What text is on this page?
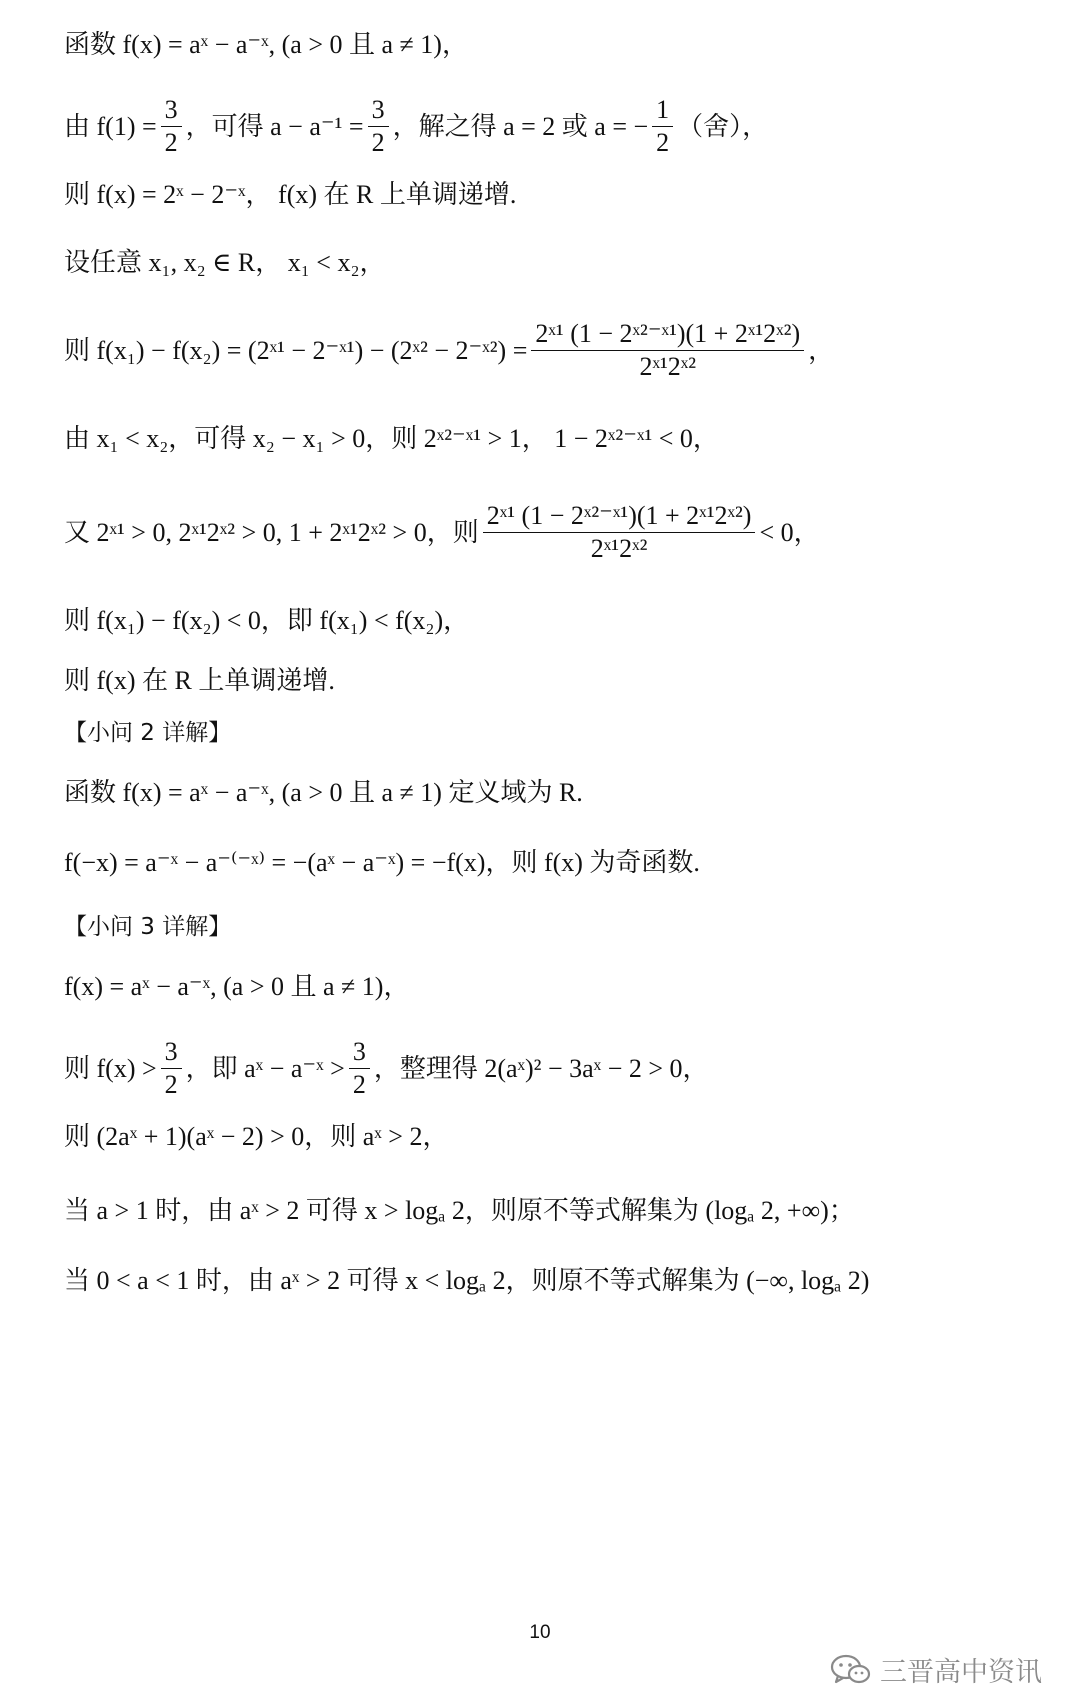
函数 f(x) = aˣ − a⁻ˣ, (a > 0 且 a ≠ 1)，
由 $f(1) = \frac{3}{2}$ ，可得 $a - a^{-1} = \frac{3}{2}$ ，解之得 a = 2 或 a = − $\frac{1}{2}$ （舍），
则 f(x) = 2ˣ − 2⁻ˣ， f(x) 在 R 上单调递增.
设任意 x₁, x₂ ∈ R， x₁ < x₂，
则 f(x₁) − f(x₂) = (2ˣ¹ − 2⁻ˣ¹) − (2ˣ² − 2⁻ˣ²) = $\frac{\text{2ˣ¹ (1 − 2ˣ²⁻ˣ¹)(1 + 2ˣ¹2ˣ²)}}{\text{2ˣ¹2ˣ²}}$ ，
由 x₁ < x₂，可得 x₂ − x₁ > 0，则 2ˣ²⁻ˣ¹ > 1， 1 − 2ˣ²⁻ˣ¹ < 0，
又 2ˣ¹ > 0, 2ˣ¹2ˣ² > 0, 1 + 2ˣ¹2ˣ² > 0，则 $\frac{\text{2ˣ¹ (1 − 2ˣ²⁻ˣ¹)(1 + 2ˣ¹2ˣ²)}}{\text{2ˣ¹2ˣ²}} < 0$，
则 f(x₁) − f(x₂) < 0，即 f(x₁) < f(x₂)，
则 f(x) 在 R 上单调递增.
【小问 2 详解】
函数 f(x) = aˣ − a⁻ˣ, (a > 0 且 a ≠ 1) 定义域为 R.
f(−x) = a⁻ˣ − a⁻⁽⁻ˣ⁾ = −(aˣ − a⁻ˣ) = −f(x)，则 f(x) 为奇函数.
【小问 3 详解】
f(x) = aˣ − a⁻ˣ, (a > 0 且 a ≠ 1)，
则 $f(x) > \frac{3}{2}$ ，即 aˣ − a⁻ˣ > $\frac{3}{2}$ ，整理得 2(aˣ)² − 3aˣ − 2 > 0，
则 (2aˣ + 1)(aˣ − 2) > 0，则 aˣ > 2，
当 a > 1 时，由 aˣ > 2 可得 x > logₐ 2，则原不等式解集为 (logₐ 2, +∞)；
当 0 < a < 1 时，由 aˣ > 2 可得 x < logₐ 2，则原不等式解集为 (−∞, logₐ 2)
10
三晋高中资讯
